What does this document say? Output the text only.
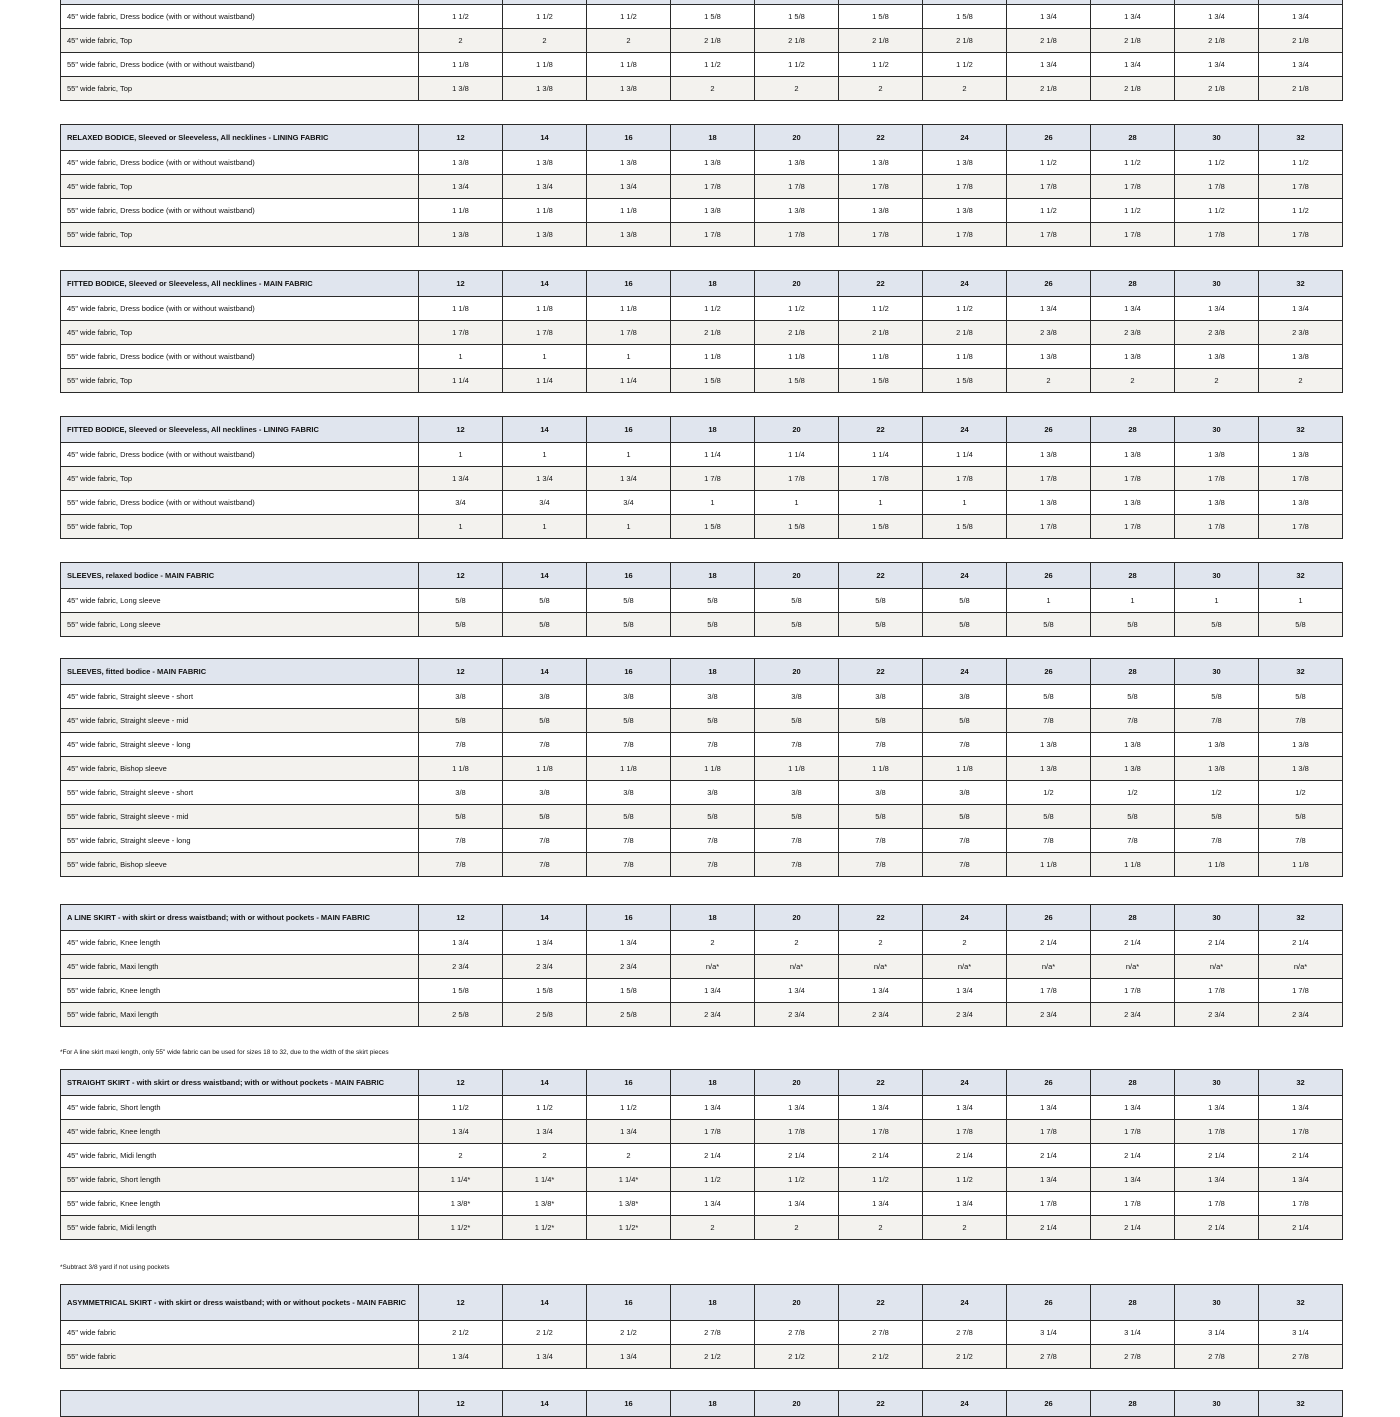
*For A line skirt maxi length, only 55" wide fabric can be used for sizes 18 to 32, due to the width of the skirt pieces

*Subtract 3/8 yard if not using pockets

45" wide fabric, Dress bodice (with or without waistband)	1 1/2	1 1/2	1 1/2	1 5/8	1 5/8	1 5/8	1 5/8	1 3/4	1 3/4	1 3/4	1 3/4
45" wide fabric, Top	2	2	2	2 1/8	2 1/8	2 1/8	2 1/8	2 1/8	2 1/8	2 1/8	2 1/8
55" wide fabric, Dress bodice (with or without waistband)	1 1/8	1 1/8	1 1/8	1 1/2	1 1/2	1 1/2	1 1/2	1 3/4	1 3/4	1 3/4	1 3/4
55" wide fabric, Top	1 3/8	1 3/8	1 3/8	2	2	2	2	2 1/8	2 1/8	2 1/8	2 1/8
RELAXED BODICE, Sleeved or Sleeveless, All necklines - LINING FABRIC	12	14	16	18	20	22	24	26	28	30	32
45" wide fabric, Dress bodice (with or without waistband)	1 3/8	1 3/8	1 3/8	1 3/8	1 3/8	1 3/8	1 3/8	1 1/2	1 1/2	1 1/2	1 1/2
45" wide fabric, Top	1 3/4	1 3/4	1 3/4	1 7/8	1 7/8	1 7/8	1 7/8	1 7/8	1 7/8	1 7/8	1 7/8
55" wide fabric, Dress bodice (with or without waistband)	1 1/8	1 1/8	1 1/8	1 3/8	1 3/8	1 3/8	1 3/8	1 1/2	1 1/2	1 1/2	1 1/2
55" wide fabric, Top	1 3/8	1 3/8	1 3/8	1 7/8	1 7/8	1 7/8	1 7/8	1 7/8	1 7/8	1 7/8	1 7/8
FITTED BODICE, Sleeved or Sleeveless, All necklines - MAIN FABRIC	12	14	16	18	20	22	24	26	28	30	32
45" wide fabric, Dress bodice (with or without waistband)	1 1/8	1 1/8	1 1/8	1 1/2	1 1/2	1 1/2	1 1/2	1 3/4	1 3/4	1 3/4	1 3/4
45" wide fabric, Top	1 7/8	1 7/8	1 7/8	2 1/8	2 1/8	2 1/8	2 1/8	2 3/8	2 3/8	2 3/8	2 3/8
55" wide fabric, Dress bodice (with or without waistband)	1	1	1	1 1/8	1 1/8	1 1/8	1 1/8	1 3/8	1 3/8	1 3/8	1 3/8
55" wide fabric, Top	1 1/4	1 1/4	1 1/4	1 5/8	1 5/8	1 5/8	1 5/8	2	2	2	2
FITTED BODICE, Sleeved or Sleeveless, All necklines - LINING FABRIC	12	14	16	18	20	22	24	26	28	30	32
45" wide fabric, Dress bodice (with or without waistband)	1	1	1	1 1/4	1 1/4	1 1/4	1 1/4	1 3/8	1 3/8	1 3/8	1 3/8
45" wide fabric, Top	1 3/4	1 3/4	1 3/4	1 7/8	1 7/8	1 7/8	1 7/8	1 7/8	1 7/8	1 7/8	1 7/8
55" wide fabric, Dress bodice (with or without waistband)	3/4	3/4	3/4	1	1	1	1	1 3/8	1 3/8	1 3/8	1 3/8
55" wide fabric, Top	1	1	1	1 5/8	1 5/8	1 5/8	1 5/8	1 7/8	1 7/8	1 7/8	1 7/8
SLEEVES, relaxed bodice - MAIN FABRIC	12	14	16	18	20	22	24	26	28	30	32
45" wide fabric, Long sleeve	5/8	5/8	5/8	5/8	5/8	5/8	5/8	1	1	1	1
55" wide fabric, Long sleeve	5/8	5/8	5/8	5/8	5/8	5/8	5/8	5/8	5/8	5/8	5/8
SLEEVES, fitted bodice - MAIN FABRIC	12	14	16	18	20	22	24	26	28	30	32
45" wide fabric, Straight sleeve - short	3/8	3/8	3/8	3/8	3/8	3/8	3/8	5/8	5/8	5/8	5/8
45" wide fabric, Straight sleeve - mid	5/8	5/8	5/8	5/8	5/8	5/8	5/8	7/8	7/8	7/8	7/8
45" wide fabric, Straight sleeve - long	7/8	7/8	7/8	7/8	7/8	7/8	7/8	1 3/8	1 3/8	1 3/8	1 3/8
45" wide fabric, Bishop sleeve	1 1/8	1 1/8	1 1/8	1 1/8	1 1/8	1 1/8	1 1/8	1 3/8	1 3/8	1 3/8	1 3/8
55" wide fabric, Straight sleeve - short	3/8	3/8	3/8	3/8	3/8	3/8	3/8	1/2	1/2	1/2	1/2
55" wide fabric, Straight sleeve - mid	5/8	5/8	5/8	5/8	5/8	5/8	5/8	5/8	5/8	5/8	5/8
55" wide fabric, Straight sleeve - long	7/8	7/8	7/8	7/8	7/8	7/8	7/8	7/8	7/8	7/8	7/8
55" wide fabric, Bishop sleeve	7/8	7/8	7/8	7/8	7/8	7/8	7/8	1 1/8	1 1/8	1 1/8	1 1/8
A LINE SKIRT - with skirt or dress waistband; with or without pockets - MAIN FABRIC	12	14	16	18	20	22	24	26	28	30	32
45" wide fabric, Knee length	1 3/4	1 3/4	1 3/4	2	2	2	2	2 1/4	2 1/4	2 1/4	2 1/4
45" wide fabric, Maxi length	2 3/4	2 3/4	2 3/4	n/a*	n/a*	n/a*	n/a*	n/a*	n/a*	n/a*	n/a*
55" wide fabric, Knee length	1 5/8	1 5/8	1 5/8	1 3/4	1 3/4	1 3/4	1 3/4	1 7/8	1 7/8	1 7/8	1 7/8
55" wide fabric, Maxi length	2 5/8	2 5/8	2 5/8	2 3/4	2 3/4	2 3/4	2 3/4	2 3/4	2 3/4	2 3/4	2 3/4
STRAIGHT SKIRT - with skirt or dress waistband; with or without pockets - MAIN FABRIC	12	14	16	18	20	22	24	26	28	30	32
45" wide fabric, Short length	1 1/2	1 1/2	1 1/2	1 3/4	1 3/4	1 3/4	1 3/4	1 3/4	1 3/4	1 3/4	1 3/4
45" wide fabric, Knee length	1 3/4	1 3/4	1 3/4	1 7/8	1 7/8	1 7/8	1 7/8	1 7/8	1 7/8	1 7/8	1 7/8
45" wide fabric, Midi length	2	2	2	2 1/4	2 1/4	2 1/4	2 1/4	2 1/4	2 1/4	2 1/4	2 1/4
55" wide fabric, Short length	1 1/4*	1 1/4*	1 1/4*	1 1/2	1 1/2	1 1/2	1 1/2	1 3/4	1 3/4	1 3/4	1 3/4
55" wide fabric, Knee length	1 3/8*	1 3/8*	1 3/8*	1 3/4	1 3/4	1 3/4	1 3/4	1 7/8	1 7/8	1 7/8	1 7/8
55" wide fabric, Midi length	1 1/2*	1 1/2*	1 1/2*	2	2	2	2	2 1/4	2 1/4	2 1/4	2 1/4
ASYMMETRICAL SKIRT - with skirt or dress waistband; with or without pockets - MAIN FABRIC	12	14	16	18	20	22	24	26	28	30	32
45" wide fabric	2 1/2	2 1/2	2 1/2	2 7/8	2 7/8	2 7/8	2 7/8	3 1/4	3 1/4	3 1/4	3 1/4
55" wide fabric	1 3/4	1 3/4	1 3/4	2 1/2	2 1/2	2 1/2	2 1/2	2 7/8	2 7/8	2 7/8	2 7/8
	12	14	16	18	20	22	24	26	28	30	32
